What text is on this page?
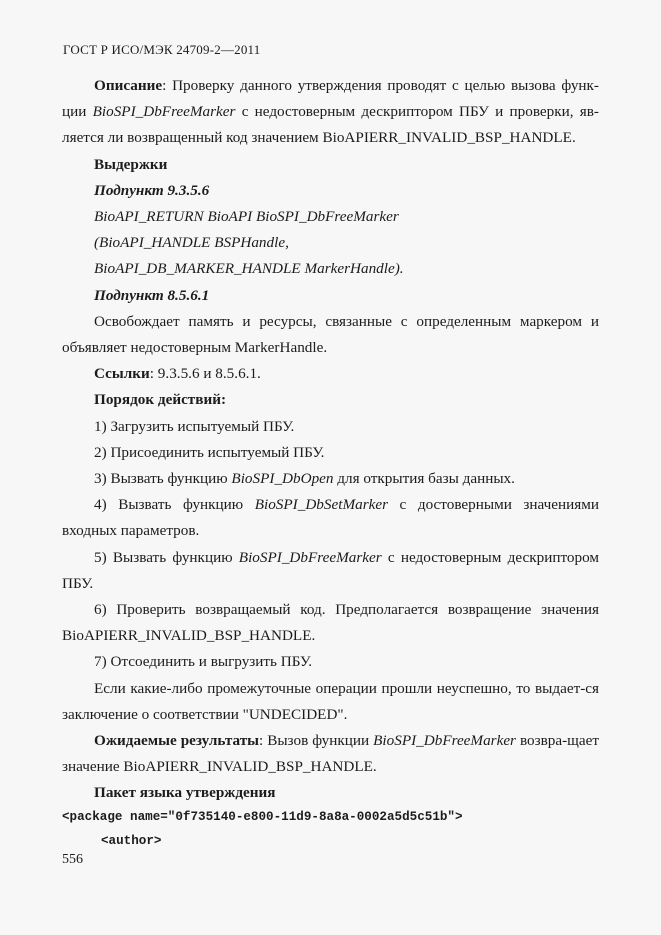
ГОСТ Р ИСО/МЭК 24709-2—2011

Описание: Проверку данного утверждения проводят с целью вызова функ-ции BioSPI_DbFreeMarker с недостоверным дескриптором ПБУ и проверки, яв-ляется ли возвращенный код значением BioAPIERR_INVALID_BSP_HANDLE.

Выдержки

Подпункт 9.3.5.6

BioAPI_RETURN BioAPI BioSPI_DbFreeMarker

(BioAPI_HANDLE BSPHandle,

BioAPI_DB_MARKER_HANDLE MarkerHandle).

Подпункт 8.5.6.1

Освобождает память и ресурсы, связанные с определенным маркером и объявляет недостоверным MarkerHandle.

Ссылки: 9.3.5.6 и 8.5.6.1.

Порядок действий:

1) Загрузить испытуемый ПБУ.

2) Присоединить испытуемый ПБУ.

3) Вызвать функцию BioSPI_DbOpen для открытия базы данных.

4) Вызвать функцию BioSPI_DbSetMarker с достоверными значениями входных параметров.

5) Вызвать функцию BioSPI_DbFreeMarker с недостоверным дескриптором ПБУ.

6) Проверить возвращаемый код. Предполагается возвращение значения BioAPIERR_INVALID_BSP_HANDLE.

7) Отсоединить и выгрузить ПБУ.

Если какие-либо промежуточные операции прошли неуспешно, то выдает-ся заключение о соответствии "UNDECIDED".

Ожидаемые результаты: Вызов функции BioSPI_DbFreeMarker возвра-щает значение BioAPIERR_INVALID_BSP_HANDLE.

Пакет языка утверждения

<package name="0f735140-e800-11d9-8a8a-0002a5d5c51b">
<author>
556
